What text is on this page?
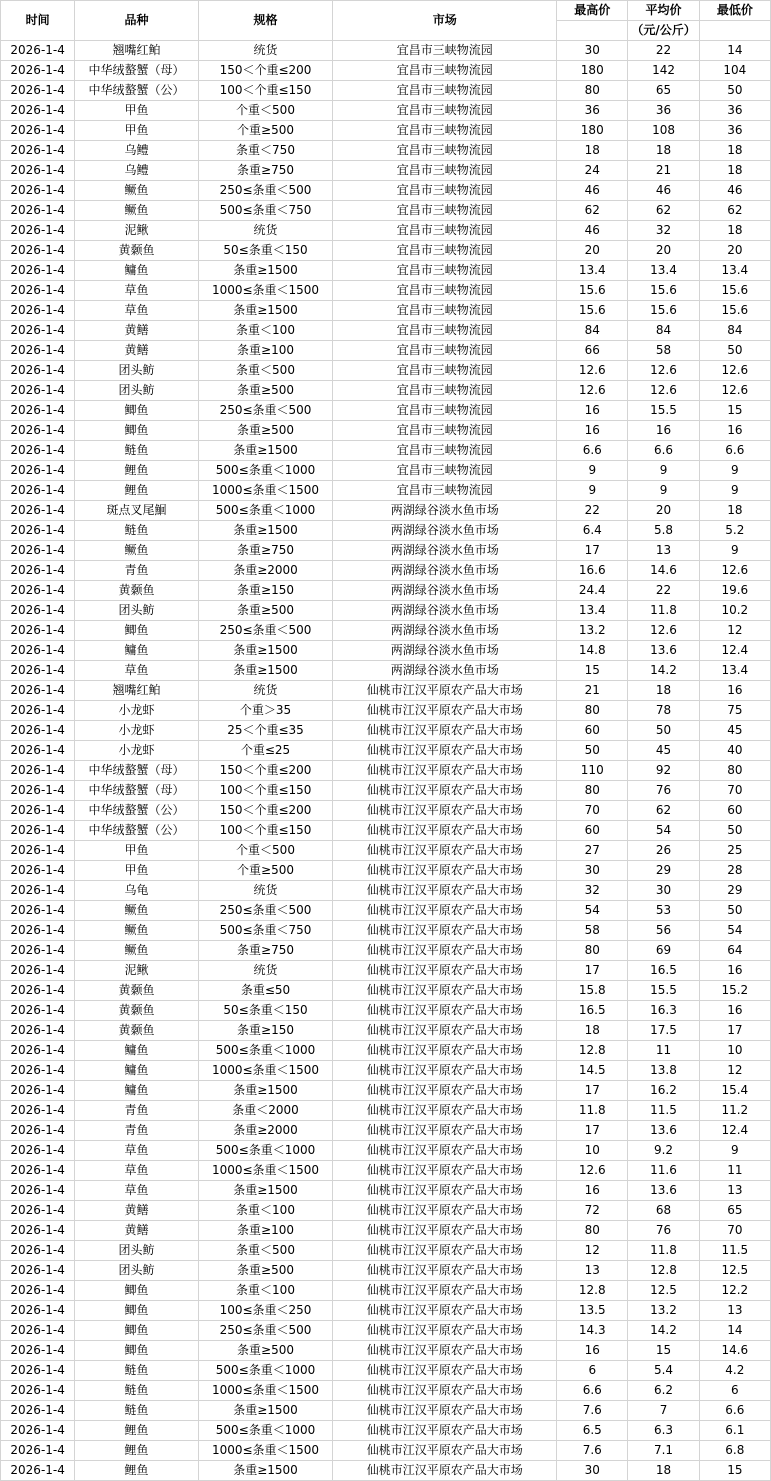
时间	品种	规格	市场	最高价	平均价	最低价
					（元/公斤）	
2026-1-4	翘嘴红鲌	统货	宜昌市三峡物流园	30	22	14
2026-1-4	中华绒螯蟹（母）	150＜个重≤200	宜昌市三峡物流园	180	142	104
2026-1-4	中华绒螯蟹（公）	100＜个重≤150	宜昌市三峡物流园	80	65	50
2026-1-4	甲鱼	个重＜500	宜昌市三峡物流园	36	36	36
2026-1-4	甲鱼	个重≥500	宜昌市三峡物流园	180	108	36
2026-1-4	乌鳢	条重＜750	宜昌市三峡物流园	18	18	18
2026-1-4	乌鳢	条重≥750	宜昌市三峡物流园	24	21	18
2026-1-4	鳜鱼	250≤条重＜500	宜昌市三峡物流园	46	46	46
2026-1-4	鳜鱼	500≤条重＜750	宜昌市三峡物流园	62	62	62
2026-1-4	泥鳅	统货	宜昌市三峡物流园	46	32	18
2026-1-4	黄颡鱼	50≤条重＜150	宜昌市三峡物流园	20	20	20
2026-1-4	鳙鱼	条重≥1500	宜昌市三峡物流园	13.4	13.4	13.4
2026-1-4	草鱼	1000≤条重＜1500	宜昌市三峡物流园	15.6	15.6	15.6
2026-1-4	草鱼	条重≥1500	宜昌市三峡物流园	15.6	15.6	15.6
2026-1-4	黄鳝	条重＜100	宜昌市三峡物流园	84	84	84
2026-1-4	黄鳝	条重≥100	宜昌市三峡物流园	66	58	50
2026-1-4	团头鲂	条重＜500	宜昌市三峡物流园	12.6	12.6	12.6
2026-1-4	团头鲂	条重≥500	宜昌市三峡物流园	12.6	12.6	12.6
2026-1-4	鲫鱼	250≤条重＜500	宜昌市三峡物流园	16	15.5	15
2026-1-4	鲫鱼	条重≥500	宜昌市三峡物流园	16	16	16
2026-1-4	鲢鱼	条重≥1500	宜昌市三峡物流园	6.6	6.6	6.6
2026-1-4	鲤鱼	500≤条重＜1000	宜昌市三峡物流园	9	9	9
2026-1-4	鲤鱼	1000≤条重＜1500	宜昌市三峡物流园	9	9	9
2026-1-4	斑点叉尾鮰	500≤条重＜1000	两湖绿谷淡水鱼市场	22	20	18
2026-1-4	鲢鱼	条重≥1500	两湖绿谷淡水鱼市场	6.4	5.8	5.2
2026-1-4	鳜鱼	条重≥750	两湖绿谷淡水鱼市场	17	13	9
2026-1-4	青鱼	条重≥2000	两湖绿谷淡水鱼市场	16.6	14.6	12.6
2026-1-4	黄颡鱼	条重≥150	两湖绿谷淡水鱼市场	24.4	22	19.6
2026-1-4	团头鲂	条重≥500	两湖绿谷淡水鱼市场	13.4	11.8	10.2
2026-1-4	鲫鱼	250≤条重＜500	两湖绿谷淡水鱼市场	13.2	12.6	12
2026-1-4	鳙鱼	条重≥1500	两湖绿谷淡水鱼市场	14.8	13.6	12.4
2026-1-4	草鱼	条重≥1500	两湖绿谷淡水鱼市场	15	14.2	13.4
2026-1-4	翘嘴红鲌	统货	仙桃市江汉平原农产品大市场	21	18	16
2026-1-4	小龙虾	个重＞35	仙桃市江汉平原农产品大市场	80	78	75
2026-1-4	小龙虾	25＜个重≤35	仙桃市江汉平原农产品大市场	60	50	45
2026-1-4	小龙虾	个重≤25	仙桃市江汉平原农产品大市场	50	45	40
2026-1-4	中华绒螯蟹（母）	150＜个重≤200	仙桃市江汉平原农产品大市场	110	92	80
2026-1-4	中华绒螯蟹（母）	100＜个重≤150	仙桃市江汉平原农产品大市场	80	76	70
2026-1-4	中华绒螯蟹（公）	150＜个重≤200	仙桃市江汉平原农产品大市场	70	62	60
2026-1-4	中华绒螯蟹（公）	100＜个重≤150	仙桃市江汉平原农产品大市场	60	54	50
2026-1-4	甲鱼	个重＜500	仙桃市江汉平原农产品大市场	27	26	25
2026-1-4	甲鱼	个重≥500	仙桃市江汉平原农产品大市场	30	29	28
2026-1-4	乌龟	统货	仙桃市江汉平原农产品大市场	32	30	29
2026-1-4	鳜鱼	250≤条重＜500	仙桃市江汉平原农产品大市场	54	53	50
2026-1-4	鳜鱼	500≤条重＜750	仙桃市江汉平原农产品大市场	58	56	54
2026-1-4	鳜鱼	条重≥750	仙桃市江汉平原农产品大市场	80	69	64
2026-1-4	泥鳅	统货	仙桃市江汉平原农产品大市场	17	16.5	16
2026-1-4	黄颡鱼	条重≤50	仙桃市江汉平原农产品大市场	15.8	15.5	15.2
2026-1-4	黄颡鱼	50≤条重＜150	仙桃市江汉平原农产品大市场	16.5	16.3	16
2026-1-4	黄颡鱼	条重≥150	仙桃市江汉平原农产品大市场	18	17.5	17
2026-1-4	鳙鱼	500≤条重＜1000	仙桃市江汉平原农产品大市场	12.8	11	10
2026-1-4	鳙鱼	1000≤条重＜1500	仙桃市江汉平原农产品大市场	14.5	13.8	12
2026-1-4	鳙鱼	条重≥1500	仙桃市江汉平原农产品大市场	17	16.2	15.4
2026-1-4	青鱼	条重＜2000	仙桃市江汉平原农产品大市场	11.8	11.5	11.2
2026-1-4	青鱼	条重≥2000	仙桃市江汉平原农产品大市场	17	13.6	12.4
2026-1-4	草鱼	500≤条重＜1000	仙桃市江汉平原农产品大市场	10	9.2	9
2026-1-4	草鱼	1000≤条重＜1500	仙桃市江汉平原农产品大市场	12.6	11.6	11
2026-1-4	草鱼	条重≥1500	仙桃市江汉平原农产品大市场	16	13.6	13
2026-1-4	黄鳝	条重＜100	仙桃市江汉平原农产品大市场	72	68	65
2026-1-4	黄鳝	条重≥100	仙桃市江汉平原农产品大市场	80	76	70
2026-1-4	团头鲂	条重＜500	仙桃市江汉平原农产品大市场	12	11.8	11.5
2026-1-4	团头鲂	条重≥500	仙桃市江汉平原农产品大市场	13	12.8	12.5
2026-1-4	鲫鱼	条重＜100	仙桃市江汉平原农产品大市场	12.8	12.5	12.2
2026-1-4	鲫鱼	100≤条重＜250	仙桃市江汉平原农产品大市场	13.5	13.2	13
2026-1-4	鲫鱼	250≤条重＜500	仙桃市江汉平原农产品大市场	14.3	14.2	14
2026-1-4	鲫鱼	条重≥500	仙桃市江汉平原农产品大市场	16	15	14.6
2026-1-4	鲢鱼	500≤条重＜1000	仙桃市江汉平原农产品大市场	6	5.4	4.2
2026-1-4	鲢鱼	1000≤条重＜1500	仙桃市江汉平原农产品大市场	6.6	6.2	6
2026-1-4	鲢鱼	条重≥1500	仙桃市江汉平原农产品大市场	7.6	7	6.6
2026-1-4	鲤鱼	500≤条重＜1000	仙桃市江汉平原农产品大市场	6.5	6.3	6.1
2026-1-4	鲤鱼	1000≤条重＜1500	仙桃市江汉平原农产品大市场	7.6	7.1	6.8
2026-1-4	鲤鱼	条重≥1500	仙桃市江汉平原农产品大市场	30	18	15
